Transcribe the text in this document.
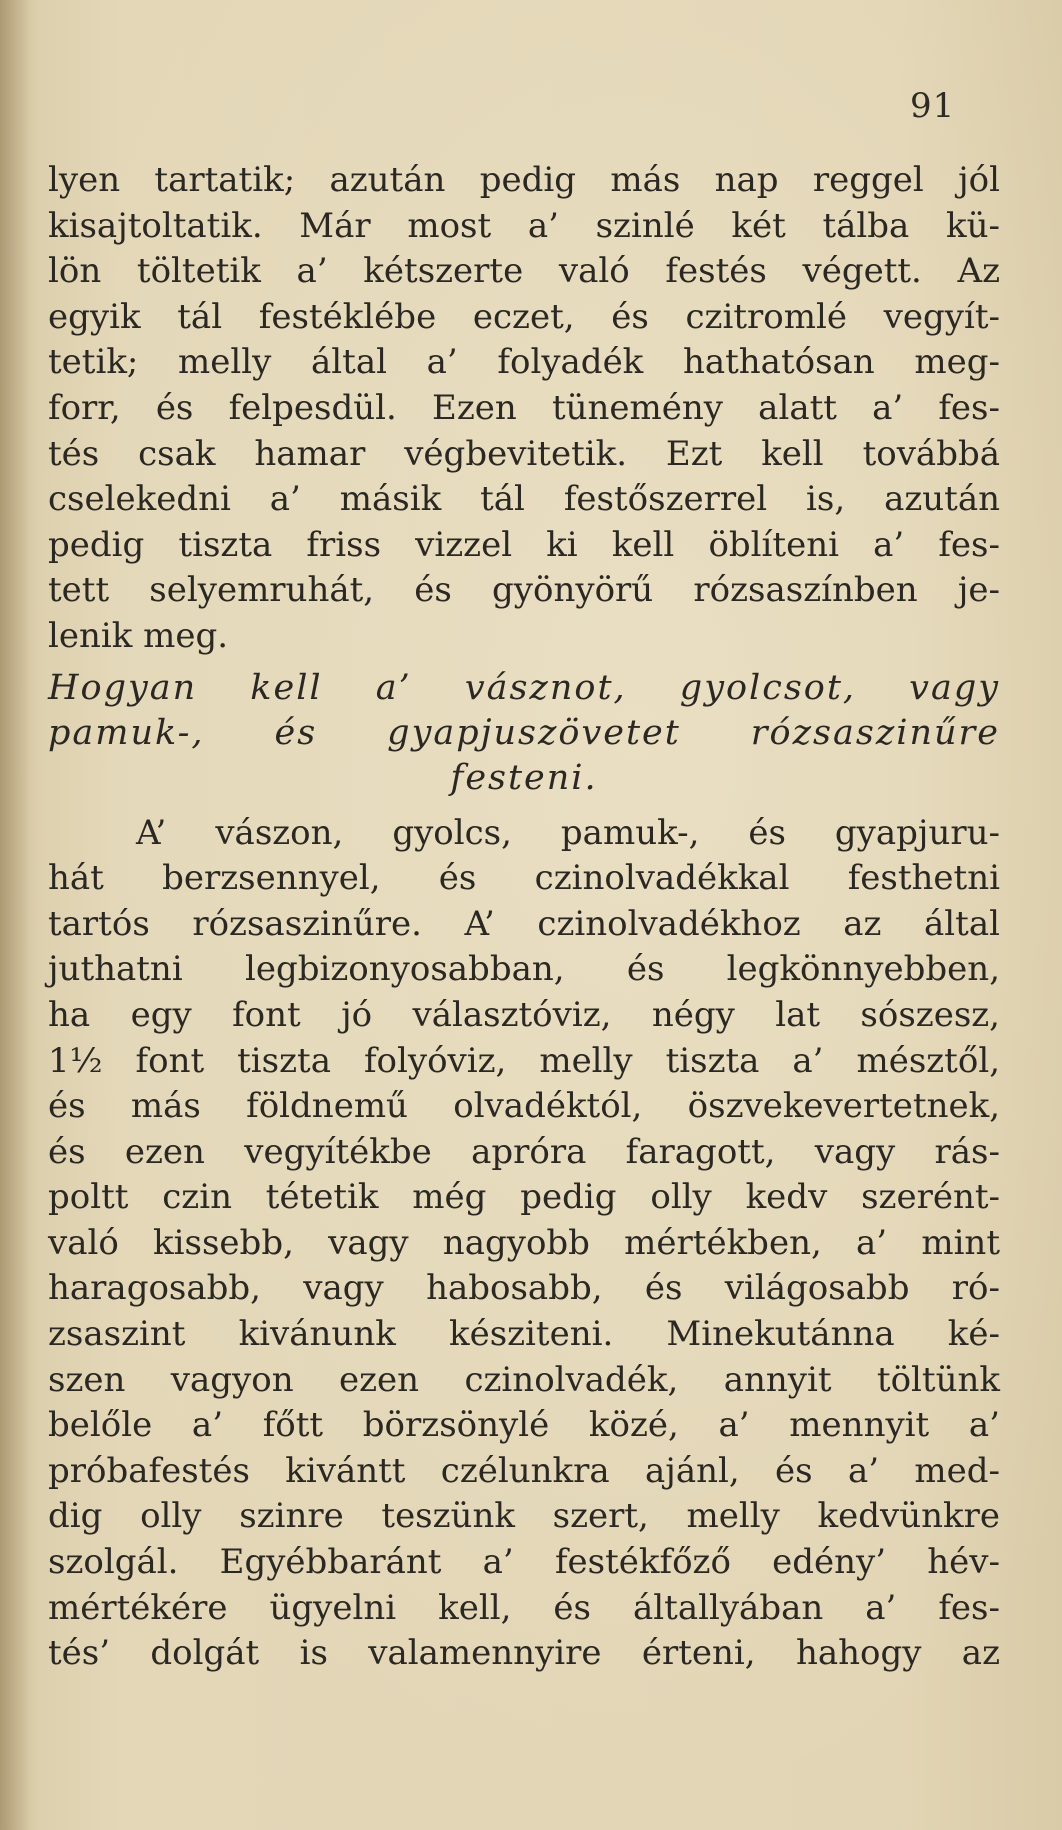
91
lyen tartatik; azután pedig más nap reggel jól
kisajtoltatik. Már most a’ szinlé két tálba kü-
lön töltetik a’ kétszerte való festés végett. Az
egyik tál festéklébe eczet, és czitromlé vegyít-
tetik; melly által a’ folyadék hathatósan meg-
forr, és felpesdül. Ezen tünemény alatt a’ fes-
tés csak hamar végbevitetik. Ezt kell továbbá
cselekedni a’ másik tál festőszerrel is, azután
pedig tiszta friss vizzel ki kell öblíteni a’ fes-
tett selyemruhát, és gyönyörű rózsaszínben je-
lenik meg.
Hogyan kell a’ vásznot, gyolcsot, vagy
pamuk-, és gyapjuszövetet rózsaszinűre
festeni.
A’ vászon, gyolcs, pamuk-, és gyapjuru-
hát berzsennyel, és czinolvadékkal festhetni
tartós rózsaszinűre. A’ czinolvadékhoz az által
juthatni legbizonyosabban, és legkönnyebben,
ha egy font jó választóviz, négy lat sószesz,
1½ font tiszta folyóviz, melly tiszta a’ mésztől,
és más földnemű olvadéktól, öszvekevertetnek,
és ezen vegyítékbe apróra faragott, vagy rás-
poltt czin tétetik még pedig olly kedv szerént-
való kissebb, vagy nagyobb mértékben, a’ mint
haragosabb, vagy habosabb, és világosabb ró-
zsaszint kivánunk késziteni. Minekutánna ké-
szen vagyon ezen czinolvadék, annyit töltünk
belőle a’ főtt börzsönylé közé, a’ mennyit a’
próbafestés kivántt czélunkra ajánl, és a’ med-
dig olly szinre teszünk szert, melly kedvünkre
szolgál. Egyébbaránt a’ festékfőző edény’ hév-
mértékére ügyelni kell, és általlyában a’ fes-
tés’ dolgát is valamennyire érteni, hahogy az
